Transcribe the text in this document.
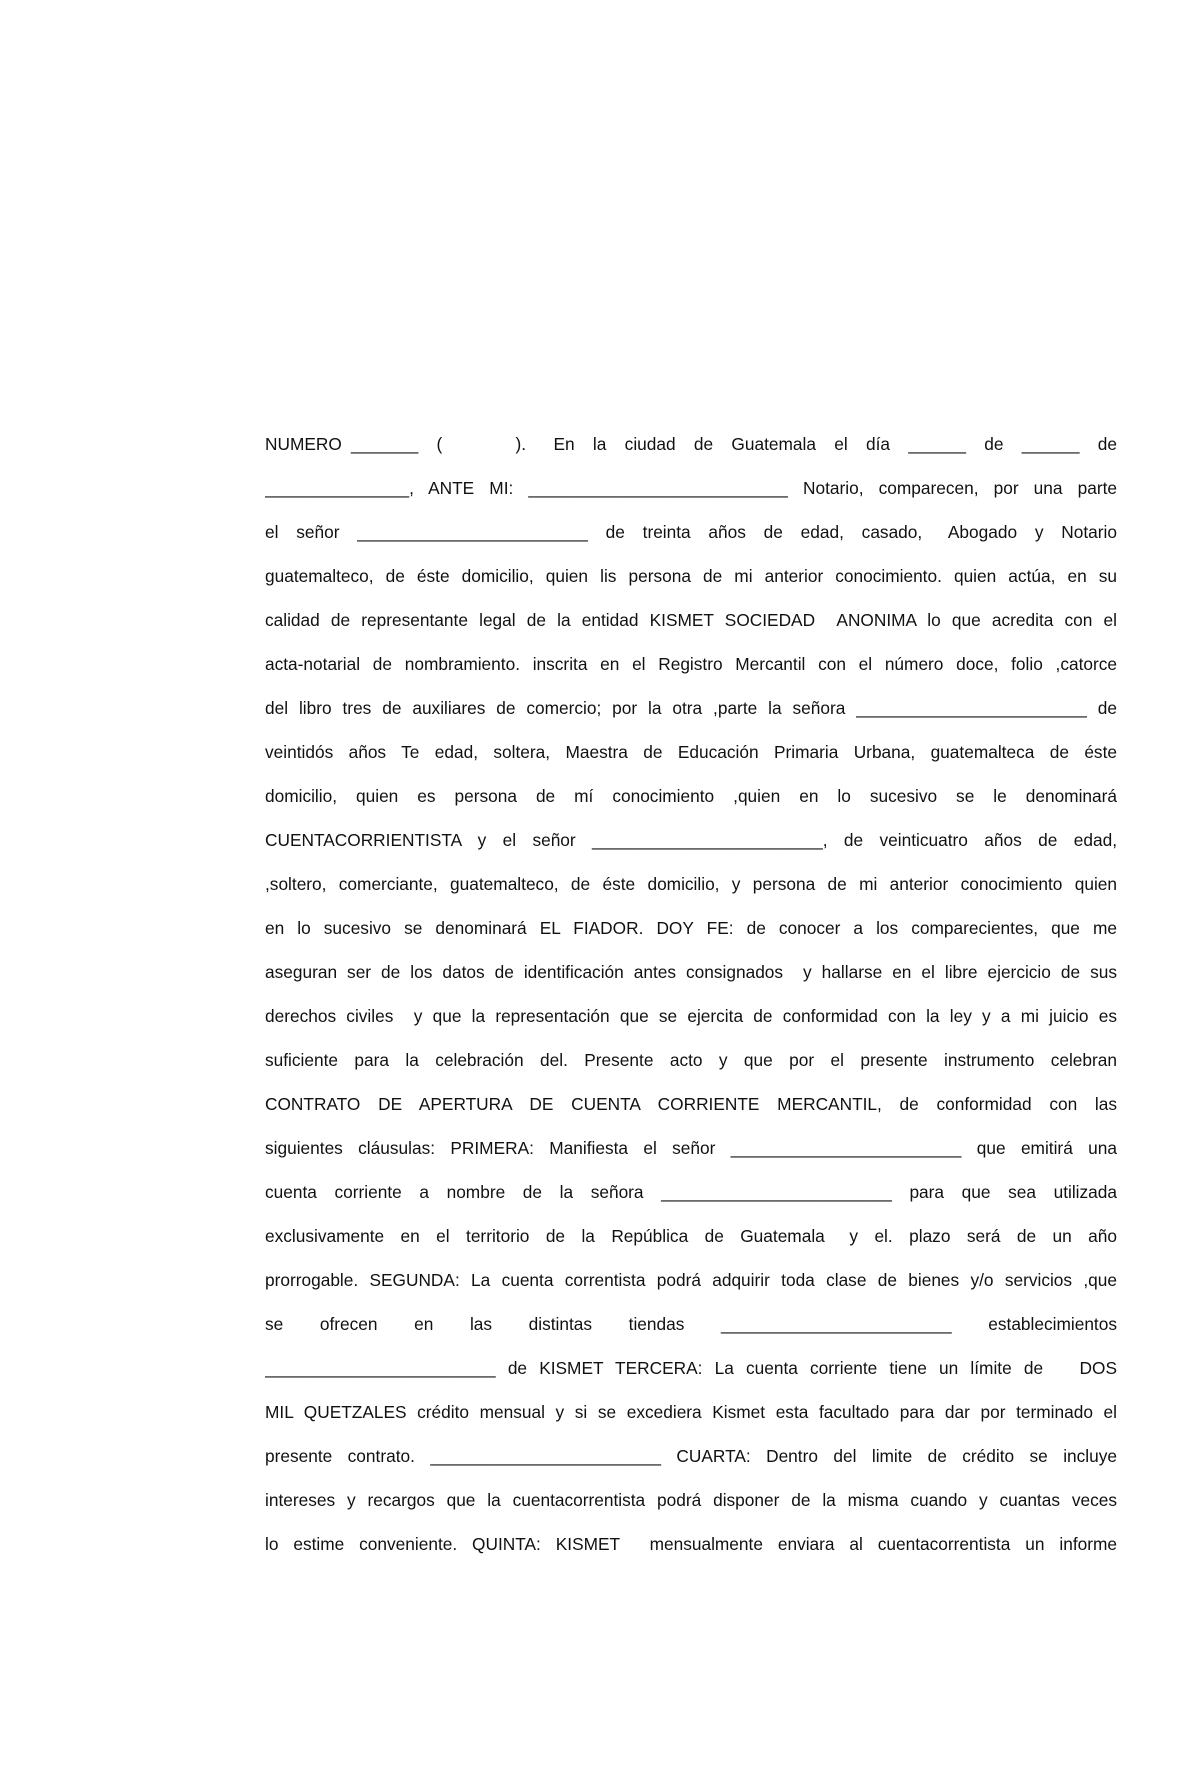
NUMERO _______  (        ).   En  la  ciudad  de  Guatemala  el  día  ______  de  ______  de
_______________, ANTE MI: ___________________________ Notario, comparecen, por una parte
el  señor  ________________________  de  treinta  años  de  edad,  casado,   Abogado  y  Notario
guatemalteco, de éste domicilio, quien lis persona de mi anterior conocimiento. quien actúa, en su
calidad de representante legal de la entidad KISMET SOCIEDAD  ANONIMA lo que acredita con el
acta-notarial de nombramiento. inscrita en el Registro Mercantil con el número doce, folio ,catorce
del libro tres de auxiliares de comercio; por la otra ,parte la señora ________________________ de
veintidós  años  Te  edad,  soltera,  Maestra  de  Educación  Primaria  Urbana,  guatemalteca  de  éste
domicilio,   quien   es   persona   de   mí   conocimiento   ,quien   en   lo   sucesivo   se   le   denominará
CUENTACORRIENTISTA y el señor ________________________, de veinticuatro años de edad,
,soltero, comerciante, guatemalteco, de éste domicilio, y persona de mi anterior conocimiento quien
en lo sucesivo se denominará EL FIADOR. DOY FE: de conocer a los comparecientes, que me
aseguran ser de los datos de identificación antes consignados  y hallarse en el libre ejercicio de sus
derechos civiles  y que la representación que se ejercita de conformidad con la ley y a mi juicio es
suficiente  para  la  celebración  del.  Presente  acto  y  que  por  el  presente  instrumento  celebran
CONTRATO DE APERTURA DE CUENTA CORRIENTE MERCANTIL, de conformidad con las
siguientes cláusulas: PRIMERA: Manifiesta el señor ________________________ que emitirá una
cuenta  corriente  a  nombre  de  la  señora  ________________________  para  que  sea  utilizada
exclusivamente  en  el  territorio  de  la  República  de  Guatemala   y  el.  plazo  será  de  un  año
prorrogable. SEGUNDA: La cuenta correntista podrá adquirir toda clase de bienes y/o servicios ,que
se     ofrecen     en     las     distintas     tiendas     ________________________     establecimientos
________________________ de KISMET TERCERA: La cuenta corriente tiene un límite de   DOS
MIL QUETZALES crédito mensual y si se excediera Kismet esta facultado para dar por terminado el
presente contrato. ________________________ CUARTA: Dentro del limite de crédito se incluye
intereses y recargos que la cuentacorrentista podrá disponer de la misma cuando y cuantas veces
lo estime conveniente. QUINTA: KISMET  mensualmente enviara al cuentacorrentista un informe
